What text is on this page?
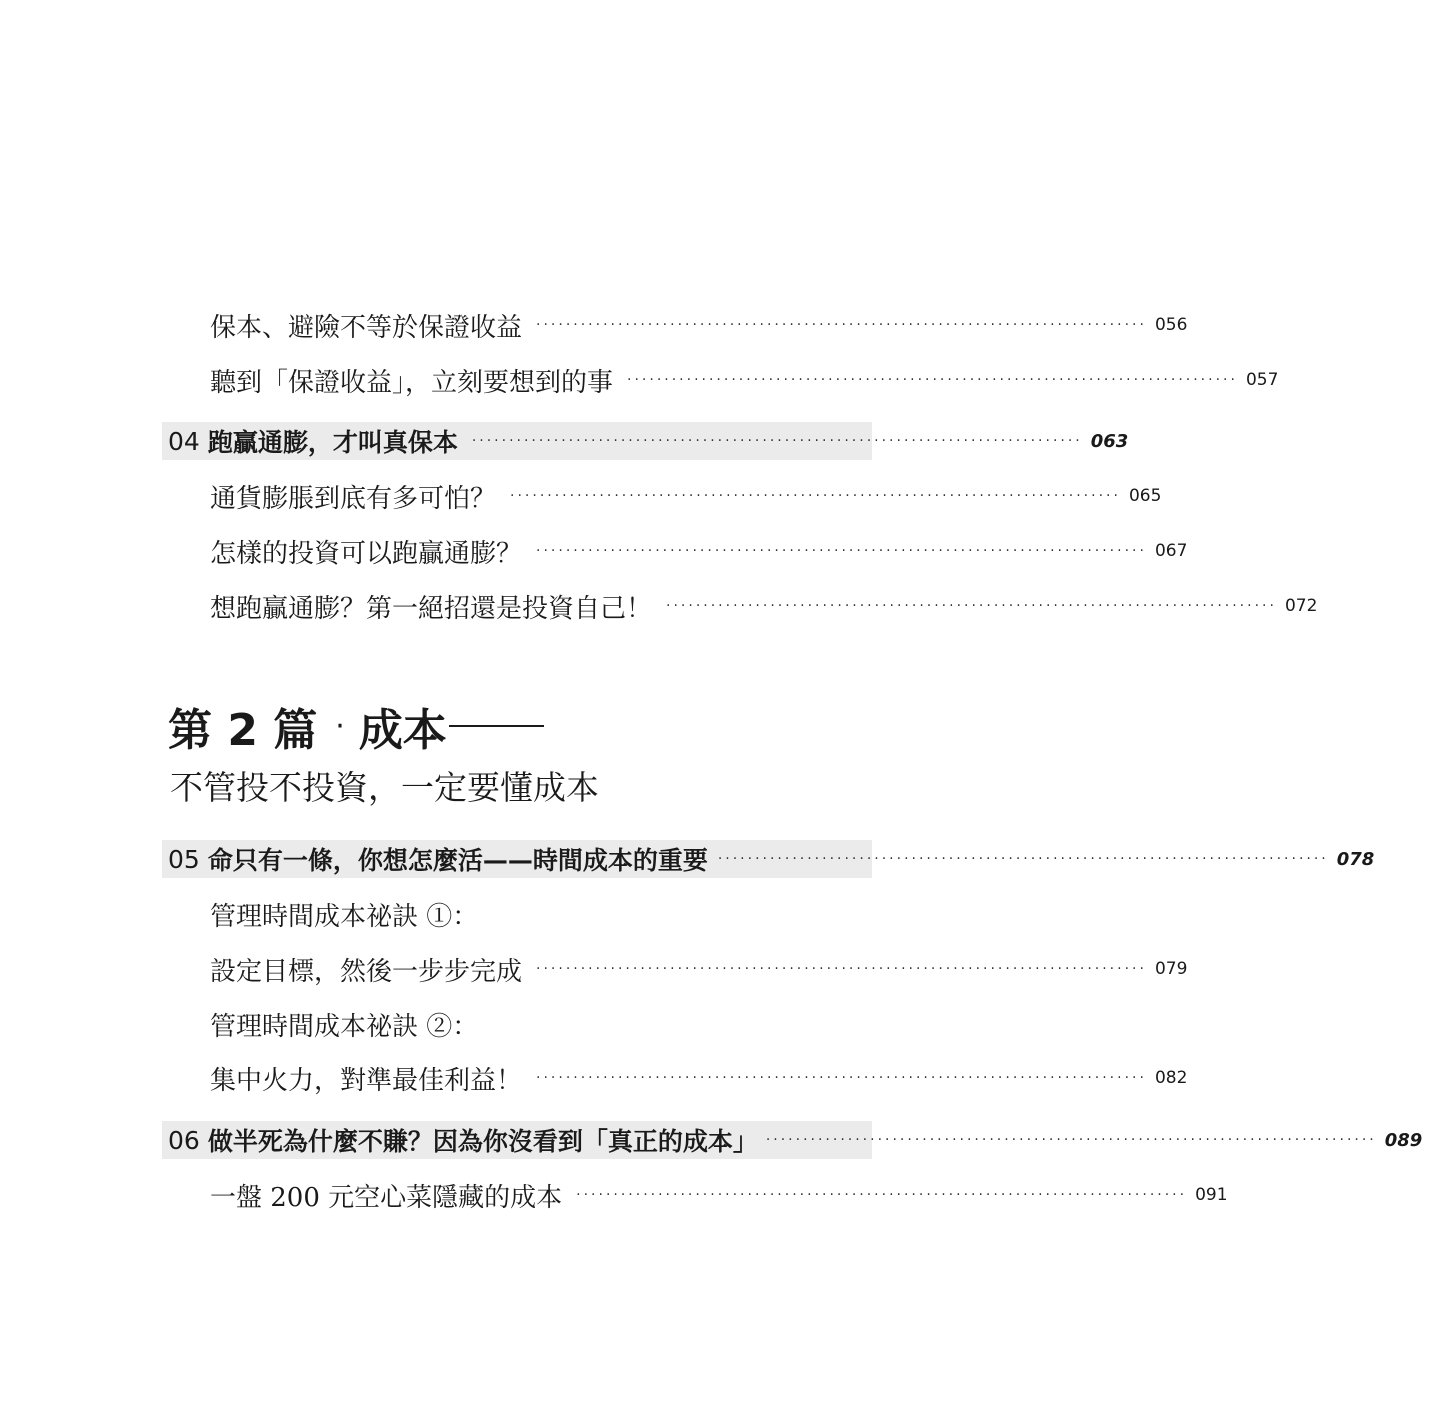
保本、避險不等於保證收益 ·················································································· 056
聽到「保證收益」，立刻要想到的事 ·················································································· 057
04 跑贏通膨，才叫真保本 ·················································································· 063
通貨膨脹到底有多可怕？ ·················································································· 065
怎樣的投資可以跑贏通膨？ ·················································································· 067
想跑贏通膨？第一絕招還是投資自己！ ·················································································· 072
第 2 篇 · 成本
不管投不投資，一定要懂成本
05 命只有一條，你想怎麼活——時間成本的重要 ·················································································· 078
管理時間成本祕訣 ①：
設定目標，然後一步步完成 ·················································································· 079
管理時間成本祕訣 ②：
集中火力，對準最佳利益！ ·················································································· 082
06 做半死為什麼不賺？因為你沒看到「真正的成本」 ·················································································· 089
一盤 200 元空心菜隱藏的成本 ·················································································· 091
